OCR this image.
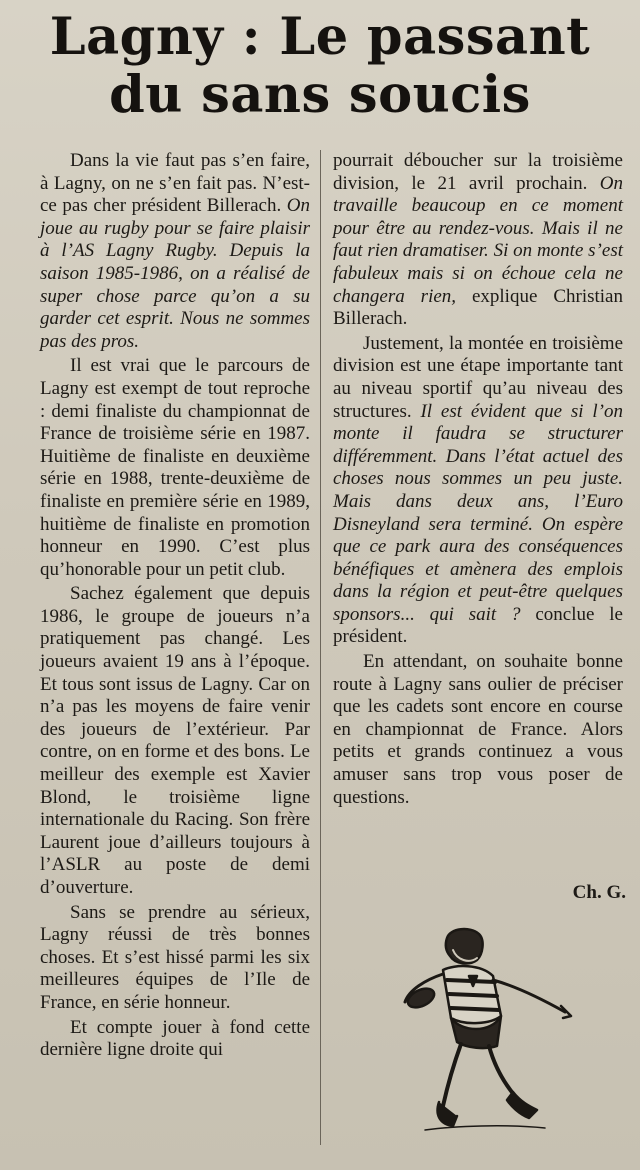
Lagny : Le passant
du sans soucis

Dans la vie faut pas s’en faire, à Lagny, on ne s’en fait pas. N’est-ce pas cher président Billerach. On joue au rugby pour se faire plaisir à l’AS Lagny Rugby. Depuis la saison 1985-1986, on a réalisé de super chose parce qu’on a su garder cet esprit. Nous ne sommes pas des pros.

Il est vrai que le parcours de Lagny est exempt de tout reproche : demi finaliste du championnat de France de troisième série en 1987. Huitième de finaliste en deuxième série en 1988, trente-deuxième de finaliste en première série en 1989, huitième de finaliste en promotion honneur en 1990. C’est plus qu’honorable pour un petit club.

Sachez également que depuis 1986, le groupe de joueurs n’a pratiquement pas changé. Les joueurs avaient 19 ans à l’époque. Et tous sont issus de Lagny. Car on n’a pas les moyens de faire venir des joueurs de l’extérieur. Par contre, on en forme et des bons. Le meilleur des exemple est Xavier Blond, le troisième ligne internationale du Racing. Son frère Laurent joue d’ailleurs toujours à l’ASLR au poste de demi d’ouverture.

Sans se prendre au sérieux, Lagny réussi de très bonnes choses. Et s’est hissé parmi les six meilleures équipes de l’Ile de France, en série honneur.

Et compte jouer à fond cette dernière ligne droite qui

pourrait déboucher sur la troisième division, le 21 avril prochain. On travaille beaucoup en ce moment pour être au rendez-vous. Mais il ne faut rien dramatiser. Si on monte s’est fabuleux mais si on échoue cela ne changera rien, explique Christian Billerach.

Justement, la montée en troisième division est une étape importante tant au niveau sportif qu’au niveau des structures. Il est évident que si l’on monte il faudra se structurer différemment. Dans l’état actuel des choses nous sommes un peu juste. Mais dans deux ans, l’Euro Disneyland sera terminé. On espère que ce park aura des conséquences bénéfiques et amènera des emplois dans la région et peut-être quelques sponsors... qui sait ? conclue le président.

En attendant, on souhaite bonne route à Lagny sans oulier de préciser que les cadets sont encore en course en championnat de France. Alors petits et grands continuez a vous amuser sans trop vous poser de questions.

Ch. G.
